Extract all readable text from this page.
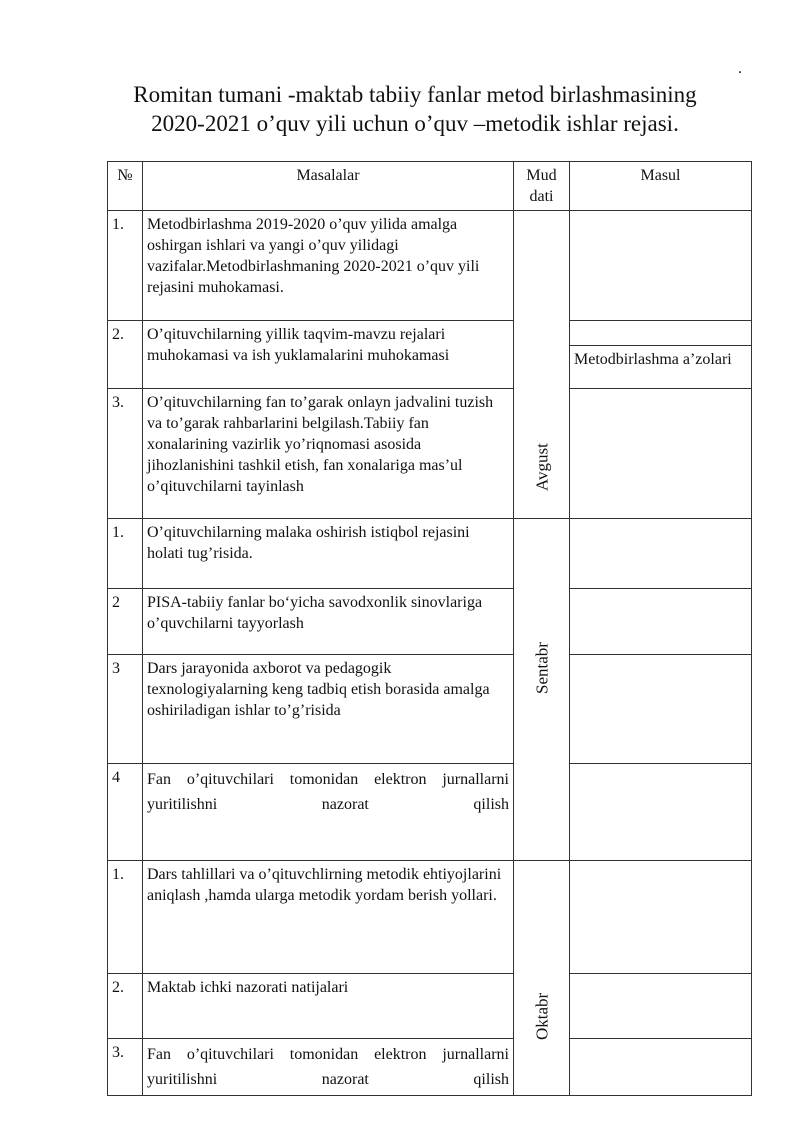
.
Romitan tumani -maktab tabiiy fanlar metod birlashmasining
2020-2021 o’quv yili uchun o’quv –metodik ishlar rejasi.
№	Masalalar	Mud dati	Masul
1.	Metodbirlashma 2019-2020 o’quv yilida amalga oshirgan ishlari va yangi o’quv yilidagi vazifalar.Metodbirlashmaning 2020-2021 o’quv yili rejasini muhokamasi.	Avgust	

2.	O’qituvchilarning yillik taqvim-mavzu rejalari muhokamasi va ish yuklamalarini muhokamasi		Metodbirlashma a’zolari

3.	O’qituvchilarning fan to’garak onlayn jadvalini tuzish va to’garak rahbarlarini belgilash.Tabiiy fan xonalarining vazirlik yo’riqnomasi asosida jihozlanishini tashkil etish, fan xonalariga mas’ul o’qituvchilarni tayinlash		
1.	O’qituvchilarning malaka oshirish istiqbol rejasini holati tug’risida.	Sentabr	

2	PISA-tabiiy fanlar bo‘yicha savodxonlik sinovlariga o’quvchilarni tayyorlash		
3	Dars jarayonida axborot va pedagogik texnologiyalarning keng tadbiq etish borasida amalga oshiriladigan ishlar to’g’risida		
4	Fan o’qituvchilari tomonidan elektron jurnallarni yuritilishni nazorat qilish		
1.	Dars tahlillari va o’qituvchlirning metodik ehtiyojlarini aniqlash ,hamda ularga metodik yordam berish yollari.	Oktabr	

2.	Maktab ichki nazorati natijalari		
3.	Fan o’qituvchilari tomonidan elektron jurnallarni yuritilishni nazorat qilish		
